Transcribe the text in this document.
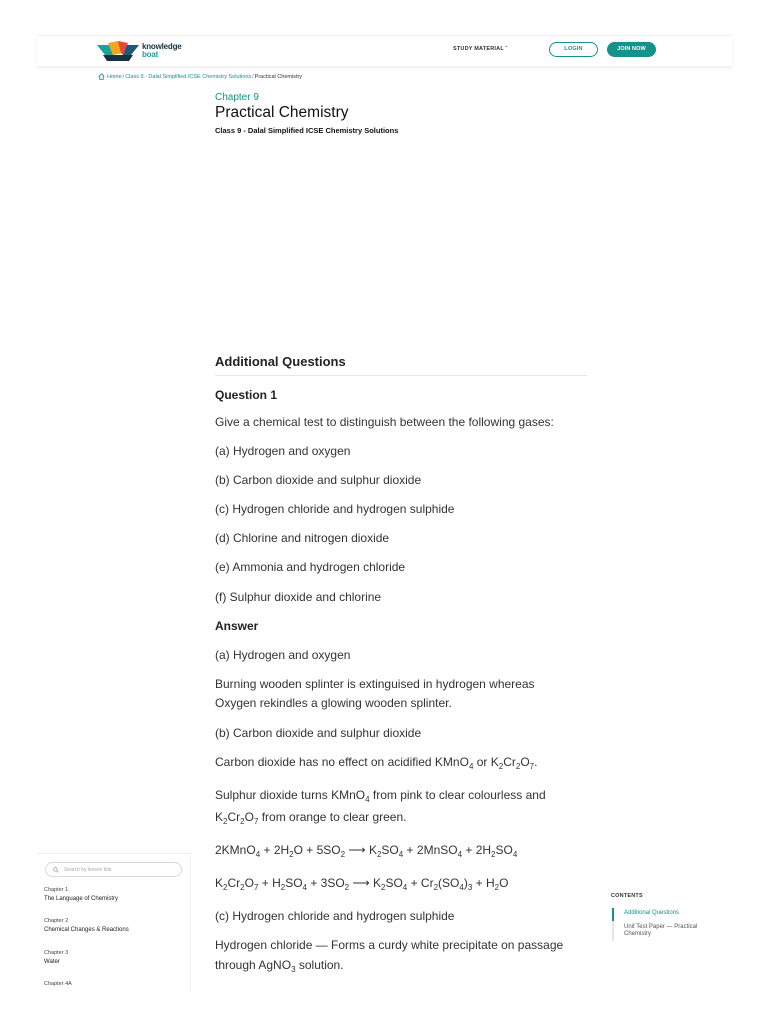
knowledge
boat
STUDY MATERIAL ˇ	LOGIN	JOIN NOW
Home / Class 9 - Dalal Simplified ICSE Chemistry Solutions / Practical Chemistry
Chapter 9
Practical Chemistry
Class 9 - Dalal Simplified ICSE Chemistry Solutions
Additional Questions
Question 1
Give a chemical test to distinguish between the following gases:
(a) Hydrogen and oxygen
(b) Carbon dioxide and sulphur dioxide
(c) Hydrogen chloride and hydrogen sulphide
(d) Chlorine and nitrogen dioxide
(e) Ammonia and hydrogen chloride
(f) Sulphur dioxide and chlorine
Answer
(a) Hydrogen and oxygen
Burning wooden splinter is extinguised in hydrogen whereas
Oxygen rekindles a glowing wooden splinter.
(b) Carbon dioxide and sulphur dioxide
Carbon dioxide has no effect on acidified KMnO$_4$ or $K_2Cr_2O_7$.
Sulphur dioxide turns KMnO$_4$ from pink to clear colourless and
$K_2Cr_2O_7$ from orange to clear green.
2KMnO$_4$ + $2H_2O + 5SO_2$ ⟶ $K_2SO_4$ + 2MnSO$_4$ + $2H_2SO_4$
$K_2Cr_2O_7 + H_2SO_4 + 3SO_2$ ⟶ $K_2SO_4 + Cr_2(SO_4)_3 + H_2O$
(c) Hydrogen chloride and hydrogen sulphide
Hydrogen chloride — Forms a curdy white precipitate on passage
through AgNO$_3$ solution.
Search by lesson title
Chapter 1
The Language of Chemistry
Chapter 2
Chemical Changes & Reactions
Chapter 3
Water
Chapter 4A
CONTENTS
Additional Questions
Unit Test Paper — Practical Chemistry
